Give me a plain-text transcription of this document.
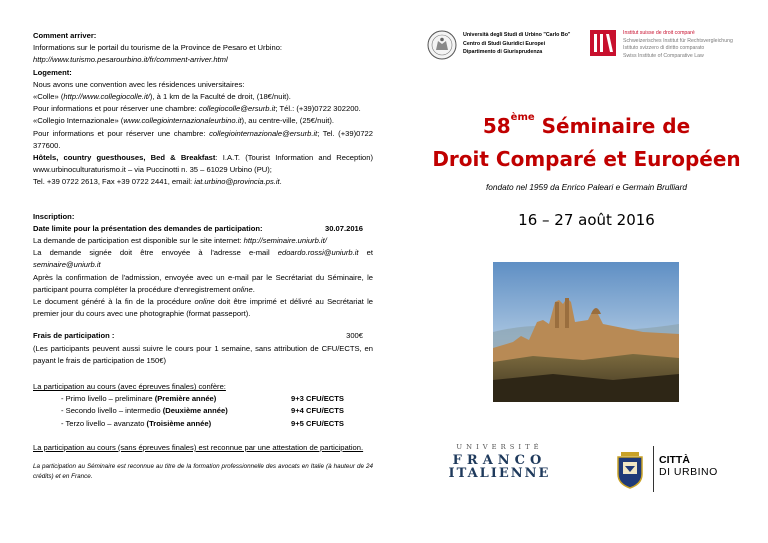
Comment arriver:

Informations sur le portail du tourisme de la Province de Pesaro et Urbino:

http://www.turismo.pesarourbino.it/fr/comment-arriver.html

Logement:

Nous avons une convention avec les résidences universitaires:

«Colle» (http://www.collegiocolle.it/), à 1 km de la Faculté de droit, (18€/nuit).

Pour informations et pour réserver une chambre: collegiocolle@ersurb.it; Tél.: (+39)0722 302200.

«Collegio Internazionale» (www.collegiointernazionaleurbino.it), au centre-ville, (25€/nuit).

Pour informations et pour réserver une chambre: collegiointernazionale@ersurb.it; Tel. (+39)0722 377600.

Hôtels, country guesthouses, Bed & Breakfast: I.A.T. (Tourist Information and Reception) www.urbinoculturaturismo.it – via Puccinotti n. 35 – 61029 Urbino (PU);

Tel. +39 0722 2613, Fax +39 0722 2441, email: iat.urbino@provincia.ps.it.

Inscription:

Date limite pour la présentation des demandes de participation:	30.07.2016

La demande de participation est disponible sur le site internet: http://seminaire.uniurb.it/

La demande signée doit être envoyée à l'adresse e-mail edoardo.rossi@uniurb.it et seminaire@uniurb.it

Après la confirmation de l'admission, envoyée avec un e-mail par le Secrétariat du Séminaire, le participant pourra compléter la procédure d'enregistrement online.

Le document généré à la fin de la procédure online doit être imprimé et délivré au Secrétariat le premier jour du cours avec une photographie (format passeport).

Frais de participation :	300€

(Les participants peuvent aussi suivre le cours pour 1 semaine, sans attribution de CFU/ECTS, en payant le frais de participation de 150€)

La participation au cours (avec épreuves finales) confère:

- Primo livello – preliminare (Première année)	9+3 CFU/ECTS
- Secondo livello – intermedio (Deuxième année)	9+4 CFU/ECTS
- Terzo livello – avanzato (Troisième année)	9+5 CFU/ECTS

La participation au cours (sans épreuves finales) est reconnue par une attestation de participation.

La participation au Séminaire est reconnue au titre de la formation professionnelle des avocats en Italie (à hauteur de 24 crédits) et en France.

Università degli Studi di Urbino "Carlo Bo"
Centro di Studi Giuridici Europei
Dipartimento di Giurisprudenza
Institut suisse de droit comparé
Schweizerisches Institut für Rechtsvergleichung
Istituto svizzero di diritto comparato
Swiss Institute of Comparative Law
58ème Séminaire de
Droit Comparé et Européen
fondato nel 1959 da Enrico Paleari e Germain Brulliard
16 – 27 août 2016
UNIVERSITÉ
FRANCO
ITALIENNE
CITTÀ
DI URBINO
